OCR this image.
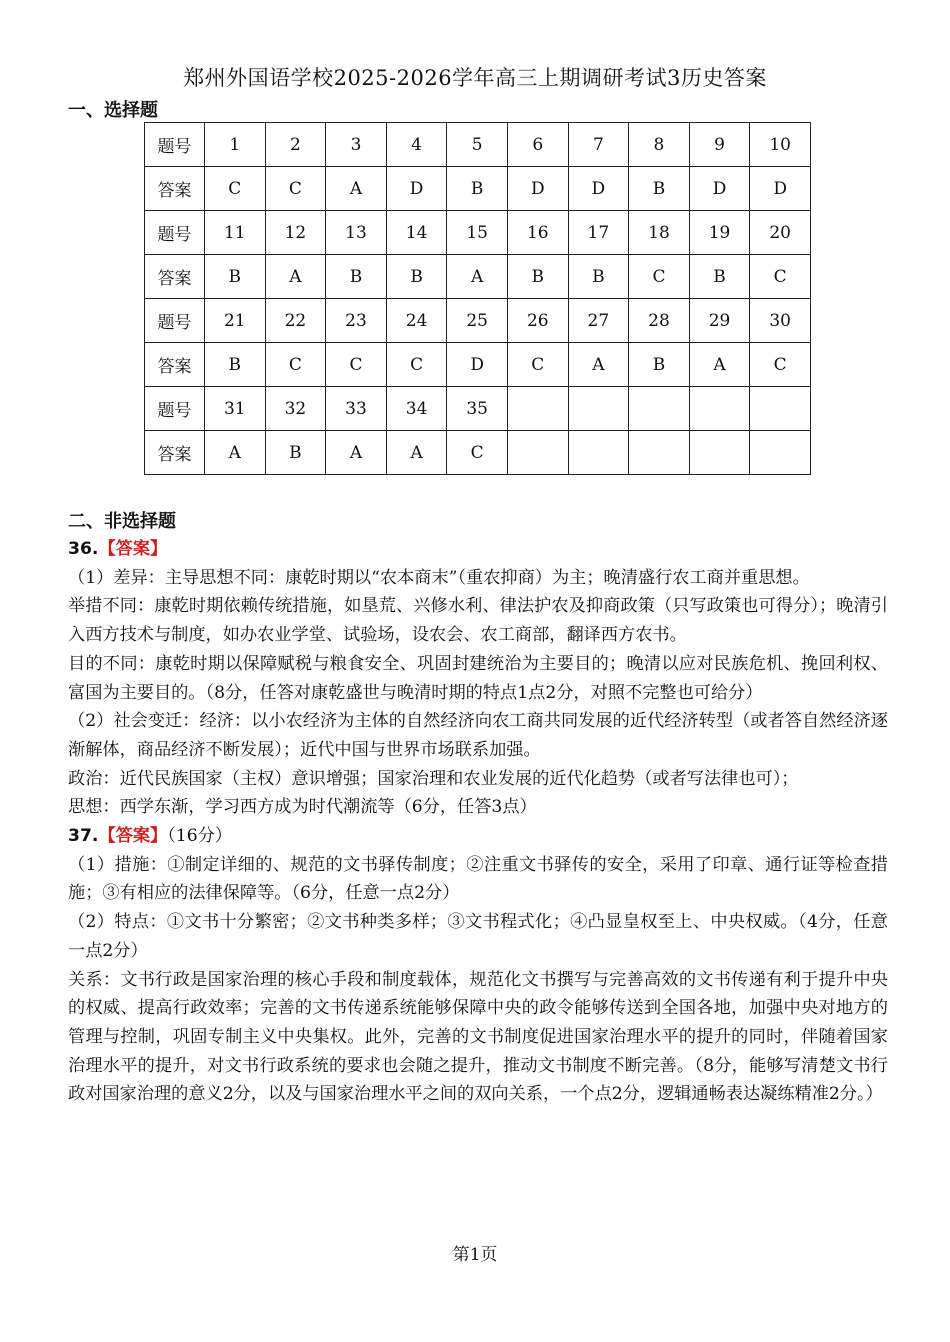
郑州外国语学校2025-2026学年高三上期调研考试3历史答案
一、选择题
题号	1	2	3	4	5	6	7	8	9	10
答案	C	C	A	D	B	D	D	B	D	D
题号	11	12	13	14	15	16	17	18	19	20
答案	B	A	B	B	A	B	B	C	B	C
题号	21	22	23	24	25	26	27	28	29	30
答案	B	C	C	C	D	C	A	B	A	C
题号	31	32	33	34	35					
答案	A	B	A	A	C					
二、非选择题

36.【答案】

（1）差异：主导思想不同：康乾时期以“农本商末”（重农抑商）为主；晚清盛行农工商并重思想。

举措不同：康乾时期依赖传统措施，如垦荒、兴修水利、律法护农及抑商政策（只写政策也可得分）；晚清引入西方技术与制度，如办农业学堂、试验场，设农会、农工商部，翻译西方农书。

目的不同：康乾时期以保障赋税与粮食安全、巩固封建统治为主要目的；晚清以应对民族危机、挽回利权、富国为主要目的。（8分，任答对康乾盛世与晚清时期的特点1点2分，对照不完整也可给分）

（2）社会变迁：经济：以小农经济为主体的自然经济向农工商共同发展的近代经济转型（或者答自然经济逐渐解体，商品经济不断发展）；近代中国与世界市场联系加强。

政治：近代民族国家（主权）意识增强；国家治理和农业发展的近代化趋势（或者写法律也可）；

思想：西学东渐，学习西方成为时代潮流等（6分，任答3点）

37.【答案】（16分）

（1）措施：①制定详细的、规范的文书驿传制度；②注重文书驿传的安全，采用了印章、通行证等检查措施；③有相应的法律保障等。（6分，任意一点2分）

（2）特点：①文书十分繁密；②文书种类多样；③文书程式化；④凸显皇权至上、中央权威。（4分，任意一点2分）

关系：文书行政是国家治理的核心手段和制度载体，规范化文书撰写与完善高效的文书传递有利于提升中央的权威、提高行政效率；完善的文书传递系统能够保障中央的政令能够传送到全国各地，加强中央对地方的管理与控制，巩固专制主义中央集权。此外，完善的文书制度促进国家治理水平的提升的同时，伴随着国家治理水平的提升，对文书行政系统的要求也会随之提升，推动文书制度不断完善。（8分，能够写清楚文书行政对国家治理的意义2分，以及与国家治理水平之间的双向关系，一个点2分，逻辑通畅表达凝练精准2分。）

第1页
